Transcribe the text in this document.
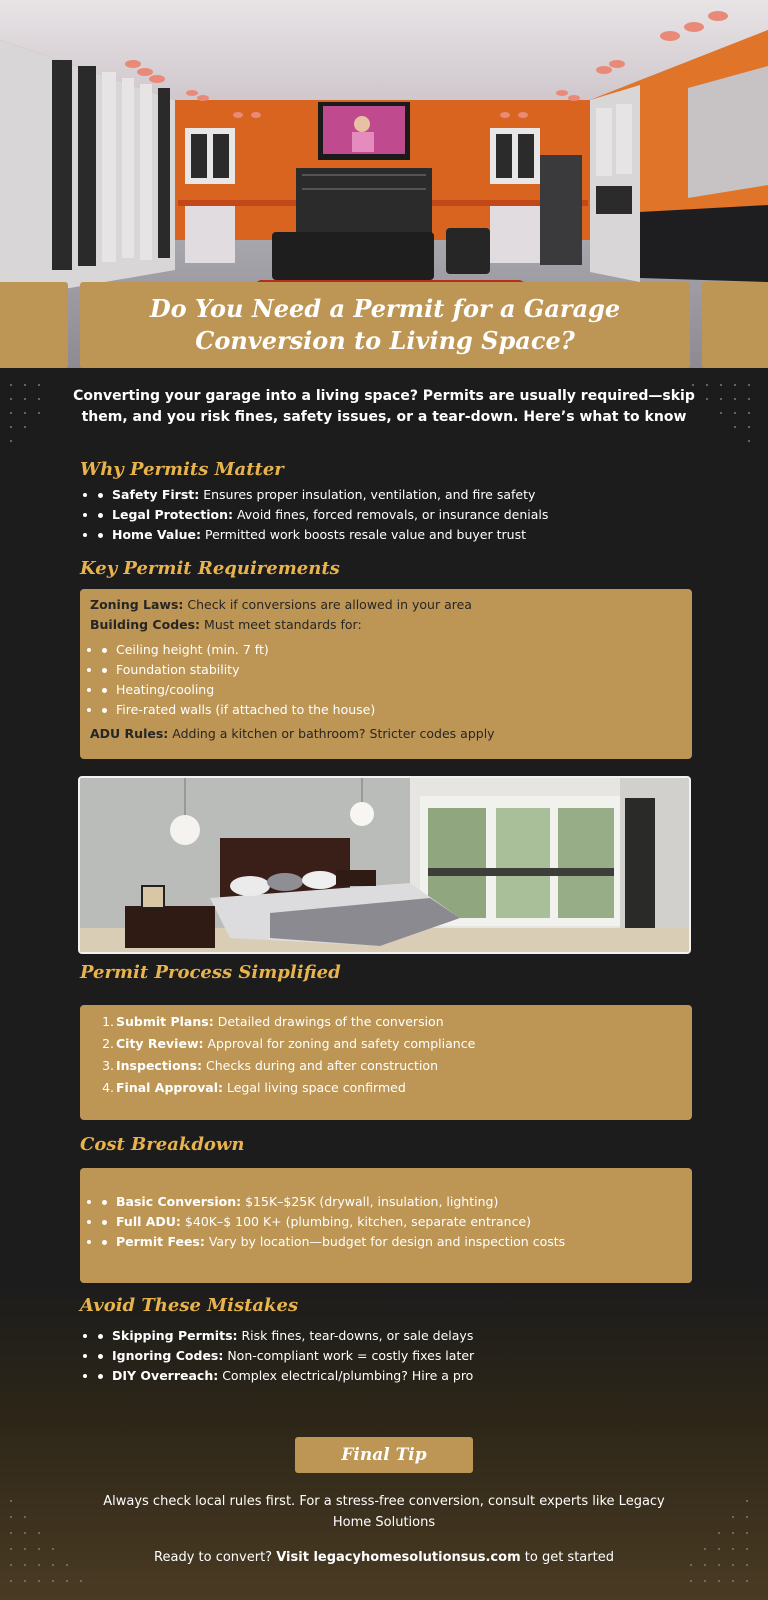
Do You Need a Permit for a Garage Conversion to Living Space?

Converting your garage into a living space? Permits are usually required—skip them, and you risk fines, safety issues, or a tear-down. Here’s what to know

Why Permits Matter
• Safety First: Ensures proper insulation, ventilation, and fire safety
• Legal Protection: Avoid fines, forced removals, or insurance denials
• Home Value: Permitted work boosts resale value and buyer trust
Key Permit Requirements
Zoning Laws: Check if conversions are allowed in your area
Building Codes: Must meet standards for:
• Ceiling height (min. 7 ft)
• Foundation stability
• Heating/cooling
• Fire-rated walls (if attached to the house)
ADU Rules: Adding a kitchen or bathroom? Stricter codes apply
Permit Process Simplified
1. Submit Plans: Detailed drawings of the conversion
2. City Review: Approval for zoning and safety compliance
3. Inspections: Checks during and after construction
4. Final Approval: Legal living space confirmed
Cost Breakdown
• Basic Conversion: $15K–$25K (drywall, insulation, lighting)
• Full ADU: $40K–$ 100 K+ (plumbing, kitchen, separate entrance)
• Permit Fees: Vary by location—budget for design and inspection costs
Avoid These Mistakes
• Skipping Permits: Risk fines, tear-downs, or sale delays
• Ignoring Codes: Non-compliant work = costly fixes later
• DIY Overreach: Complex electrical/plumbing? Hire a pro
Final Tip

Always check local rules first. For a stress-free conversion, consult experts like Legacy Home Solutions

Ready to convert? Visit legacyhomesolutionsus.com to get started
